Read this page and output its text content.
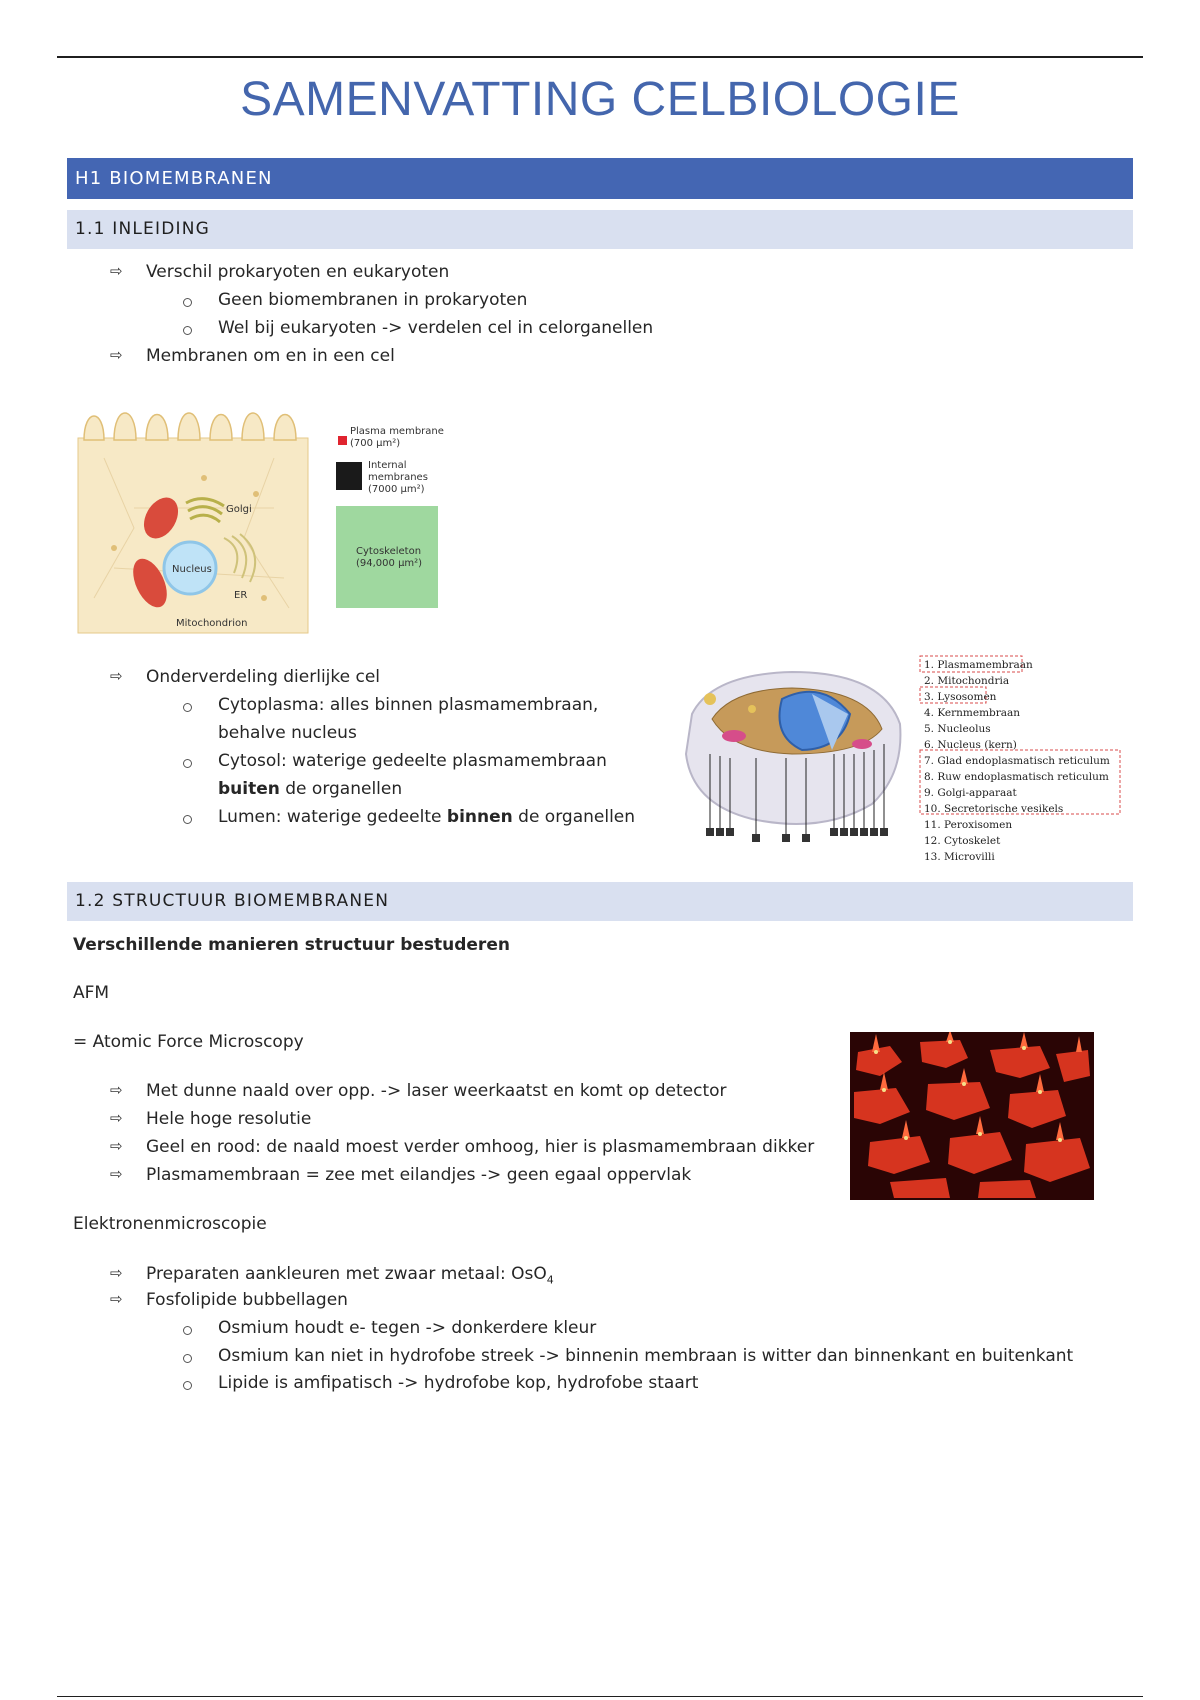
SAMENVATTING CELBIOLOGIE
H1 BIOMEMBRANEN
1.1 INLEIDING
⇨ Verschil prokaryoten en eukaryoten
Geen biomembranen in prokaryoten
Wel bij eukaryoten -> verdelen cel in celorganellen
⇨ Membranen om en in een cel
Golgi
Nucleus
ER
Mitochondrion
Plasma membrane
(700 µm²)
Internal
membranes
(7000 µm²)
Cytoskeleton
(94,000 µm²)
⇨ Onderverdeling dierlijke cel
Cytoplasma: alles binnen plasmamembraan,
behalve nucleus
Cytosol: waterige gedeelte plasmamembraan
buiten de organellen
Lumen: waterige gedeelte binnen de organellen
1. Plasmamembraan
2. Mitochondria
3. Lysosomen
4. Kernmembraan
5. Nucleolus
6. Nucleus (kern)
7. Glad endoplasmatisch reticulum
8. Ruw endoplasmatisch reticulum
9. Golgi-apparaat
10. Secretorische vesikels
11. Peroxisomen
12. Cytoskelet
13. Microvilli
1.2 STRUCTUUR BIOMEMBRANEN
Verschillende manieren structuur bestuderen
AFM
= Atomic Force Microscopy
⇨ Met dunne naald over opp. -> laser weerkaatst en komt op detector
⇨ Hele hoge resolutie
⇨ Geel en rood: de naald moest verder omhoog, hier is plasmamembraan dikker
⇨ Plasmamembraan = zee met eilandjes -> geen egaal oppervlak
Elektronenmicroscopie
⇨ Preparaten aankleuren met zwaar metaal: OsO$_4$
⇨ Fosfolipide bubbellagen
Osmium houdt e- tegen -> donkerdere kleur
Osmium kan niet in hydrofobe streek -> binnenin membraan is witter dan binnenkant en buitenkant
Lipide is amfipatisch -> hydrofobe kop, hydrofobe staart
